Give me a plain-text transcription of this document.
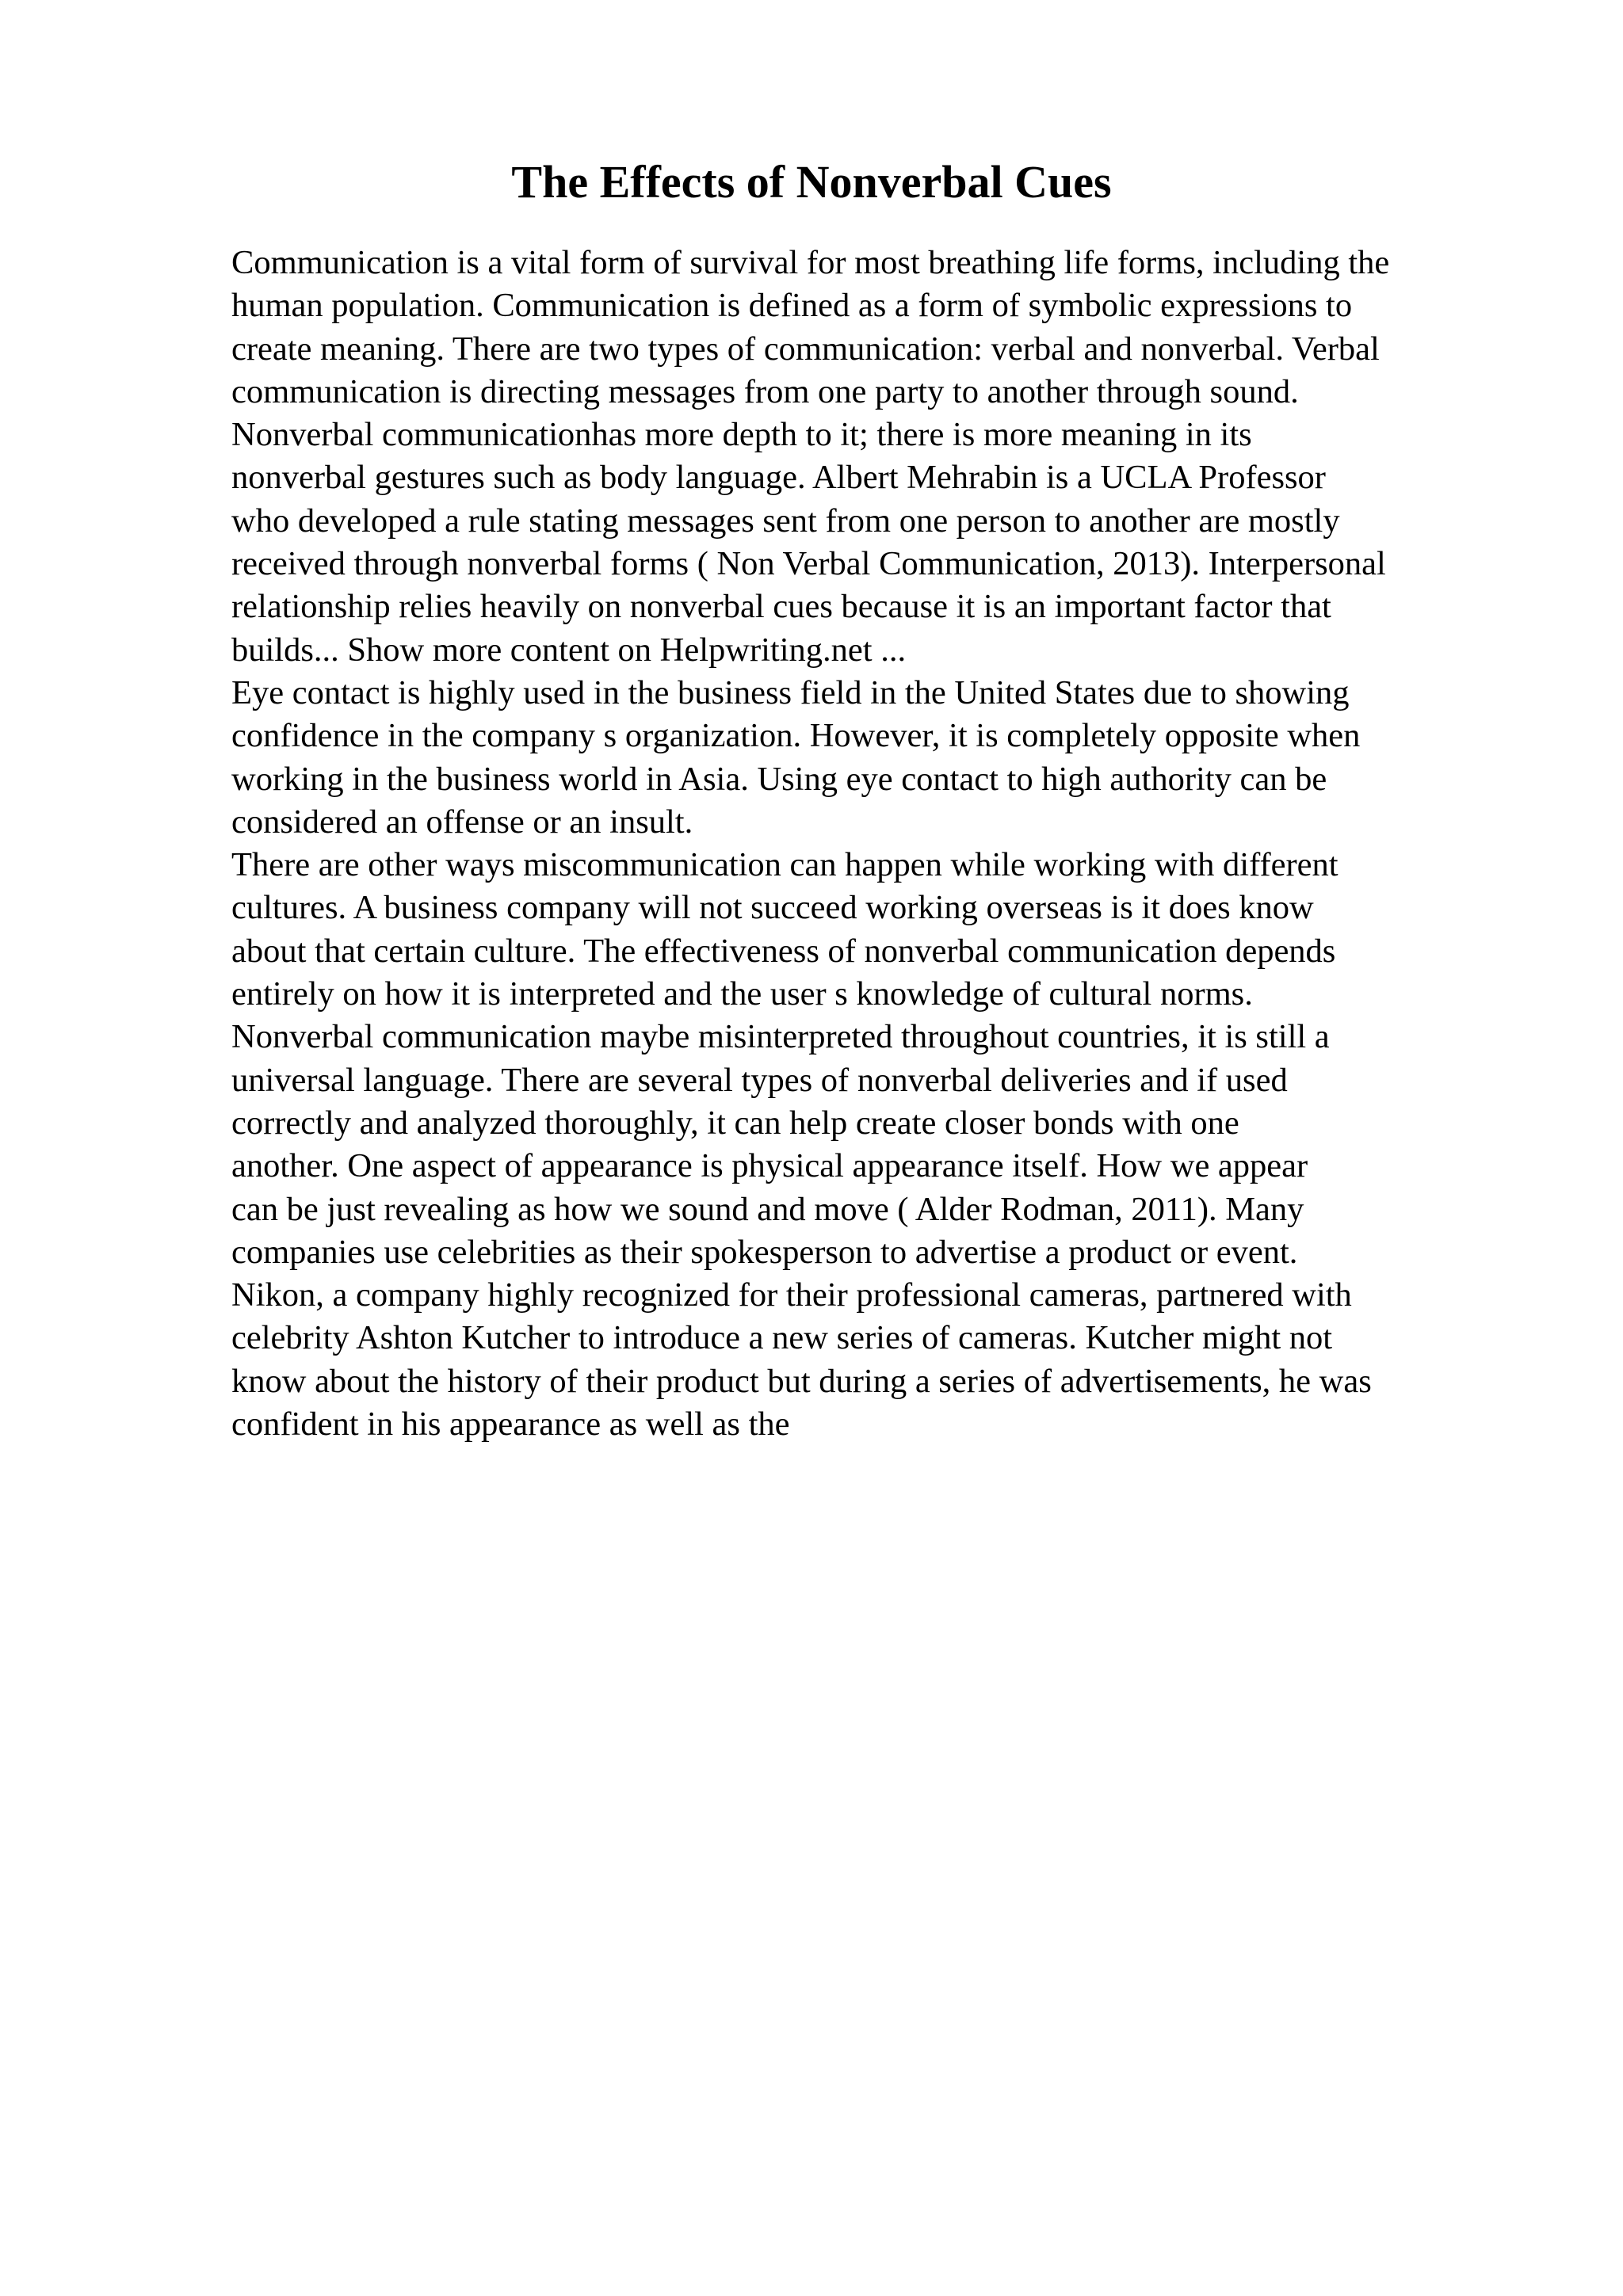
The Effects of Nonverbal Cues
Communication is a vital form of survival for most breathing life forms, including the
human population. Communication is defined as a form of symbolic expressions to
create meaning. There are two types of communication: verbal and nonverbal. Verbal
communication is directing messages from one party to another through sound.
Nonverbal communicationhas more depth to it; there is more meaning in its
nonverbal gestures such as body language. Albert Mehrabin is a UCLA Professor
who developed a rule stating messages sent from one person to another are mostly
received through nonverbal forms ( Non Verbal Communication, 2013). Interpersonal
relationship relies heavily on nonverbal cues because it is an important factor that
builds... Show more content on Helpwriting.net ...
Eye contact is highly used in the business field in the United States due to showing
confidence in the company s organization. However, it is completely opposite when
working in the business world in Asia. Using eye contact to high authority can be
considered an offense or an insult.
There are other ways miscommunication can happen while working with different
cultures. A business company will not succeed working overseas is it does know
about that certain culture. The effectiveness of nonverbal communication depends
entirely on how it is interpreted and the user s knowledge of cultural norms.
Nonverbal communication maybe misinterpreted throughout countries, it is still a
universal language. There are several types of nonverbal deliveries and if used
correctly and analyzed thoroughly, it can help create closer bonds with one
another. One aspect of appearance is physical appearance itself. How we appear
can be just revealing as how we sound and move ( Alder Rodman, 2011). Many
companies use celebrities as their spokesperson to advertise a product or event.
Nikon, a company highly recognized for their professional cameras, partnered with
celebrity Ashton Kutcher to introduce a new series of cameras. Kutcher might not
know about the history of their product but during a series of advertisements, he was
confident in his appearance as well as the
